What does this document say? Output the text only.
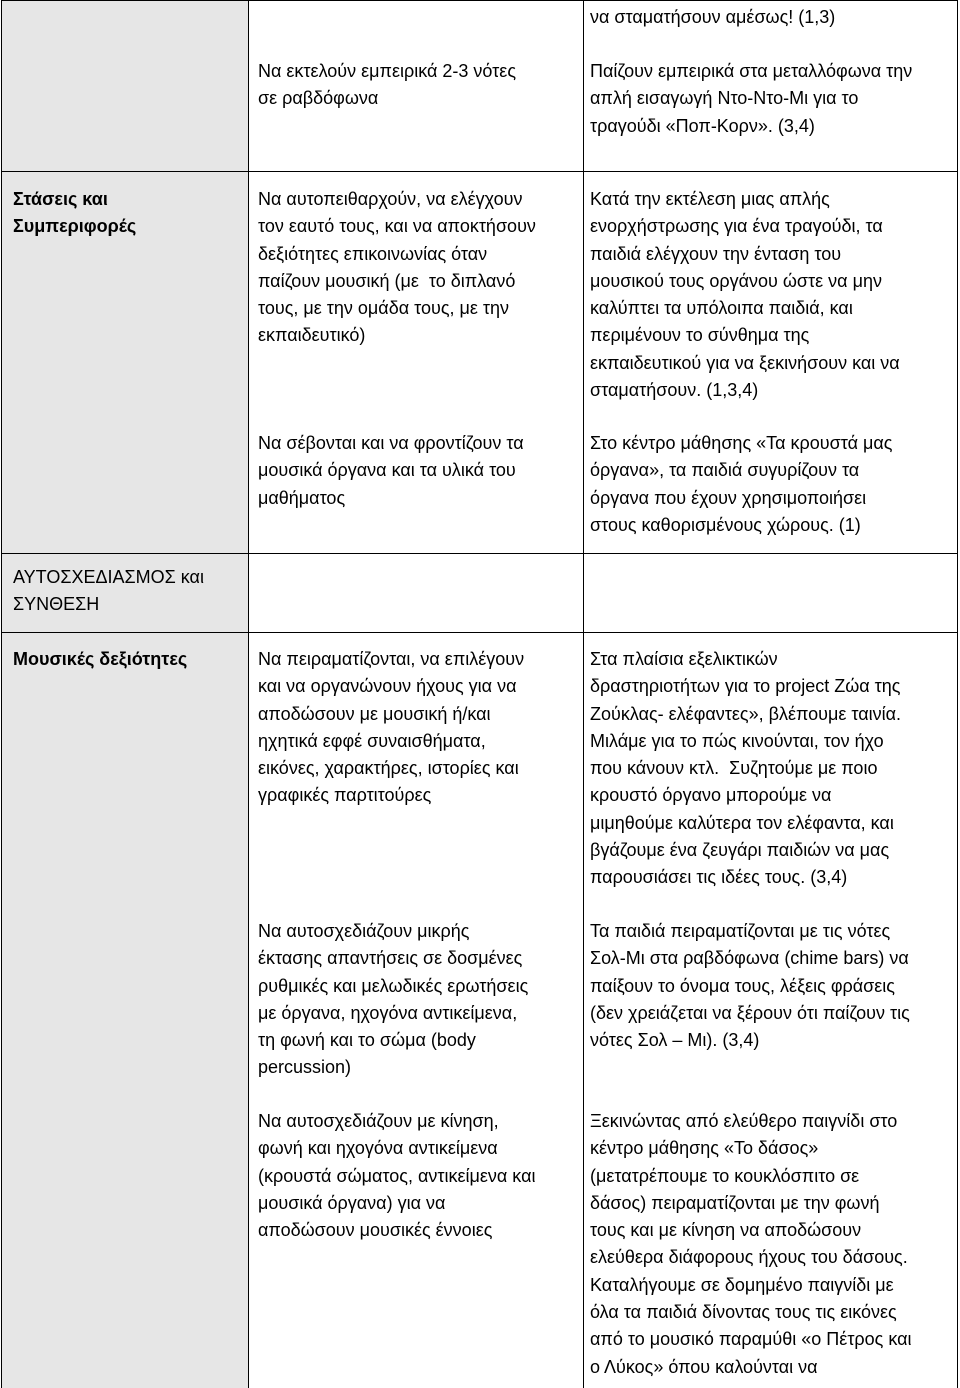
Να εκτελούν εμπειρικά 2-3 νότες
σε ραβδόφωνα
να σταματήσουν αμέσως! (1,3)
Παίζουν εμπειρικά στα μεταλλόφωνα την
απλή εισαγωγή Ντο-Ντο-Μι για το
τραγούδι «Ποπ-Κορν». (3,4)
Στάσεις και
Συμπεριφορές
Να αυτοπειθαρχούν, να ελέγχουν
τον εαυτό τους, και να αποκτήσουν
δεξιότητες επικοινωνίας όταν
παίζουν μουσική (με  το διπλανό
τους, με την ομάδα τους, με την
εκπαιδευτικό)
Να σέβονται και να φροντίζουν τα
μουσικά όργανα και τα υλικά του
μαθήματος
Κατά την εκτέλεση μιας απλής
ενορχήστρωσης για ένα τραγούδι, τα
παιδιά ελέγχουν την ένταση του
μουσικού τους οργάνου ώστε να μην
καλύπτει τα υπόλοιπα παιδιά, και
περιμένουν το σύνθημα της
εκπαιδευτικού για να ξεκινήσουν και να
σταματήσουν. (1,3,4)
Στο κέντρο μάθησης «Τα κρουστά μας
όργανα», τα παιδιά συγυρίζουν τα
όργανα που έχουν χρησιμοποιήσει
στους καθορισμένους χώρους. (1)
ΑΥΤΟΣΧΕΔΙΑΣΜΟΣ και
ΣΥΝΘΕΣΗ
Μουσικές δεξιότητες	Να πειραματίζονται, να επιλέγουν
και να οργανώνουν ήχους για να
αποδώσουν με μουσική ή/και
ηχητικά εφφέ συναισθήματα,
εικόνες, χαρακτήρες, ιστορίες και
γραφικές παρτιτούρες
Να αυτοσχεδιάζουν μικρής
έκτασης απαντήσεις σε δοσμένες
ρυθμικές και μελωδικές ερωτήσεις
με όργανα, ηχογόνα αντικείμενα,
τη φωνή και το σώμα (body
percussion)
Να αυτοσχεδιάζουν με κίνηση,
φωνή και ηχογόνα αντικείμενα
(κρουστά σώματος, αντικείμενα και
μουσικά όργανα) για να
αποδώσουν μουσικές έννοιες
Στα πλαίσια εξελικτικών
δραστηριοτήτων για το project Ζώα της
Ζούκλας- ελέφαντες», βλέπουμε ταινία.
Μιλάμε για το πώς κινούνται, τον ήχο
που κάνουν κτλ.  Συζητούμε με ποιο
κρουστό όργανο μπορούμε να
μιμηθούμε καλύτερα τον ελέφαντα, και
βγάζουμε ένα ζευγάρι παιδιών να μας
παρουσιάσει τις ιδέες τους. (3,4)
Τα παιδιά πειραματίζονται με τις νότες
Σολ-Μι στα ραβδόφωνα (chime bars) να
παίξουν το όνομα τους, λέξεις φράσεις
(δεν χρειάζεται να ξέρουν ότι παίζουν τις
νότες Σολ – Μι). (3,4)
Ξεκινώντας από ελεύθερο παιγνίδι στο
κέντρο μάθησης «Το δάσος»
(μετατρέπουμε το κουκλόσπιτο σε
δάσος) πειραματίζονται με την φωνή
τους και με κίνηση να αποδώσουν
ελεύθερα διάφορους ήχους του δάσους.
Καταλήγουμε σε δομημένο παιγνίδι με
όλα τα παιδιά δίνοντας τους τις εικόνες
από το μουσικό παραμύθι «ο Πέτρος και
ο Λύκος» όπου καλούνται να
